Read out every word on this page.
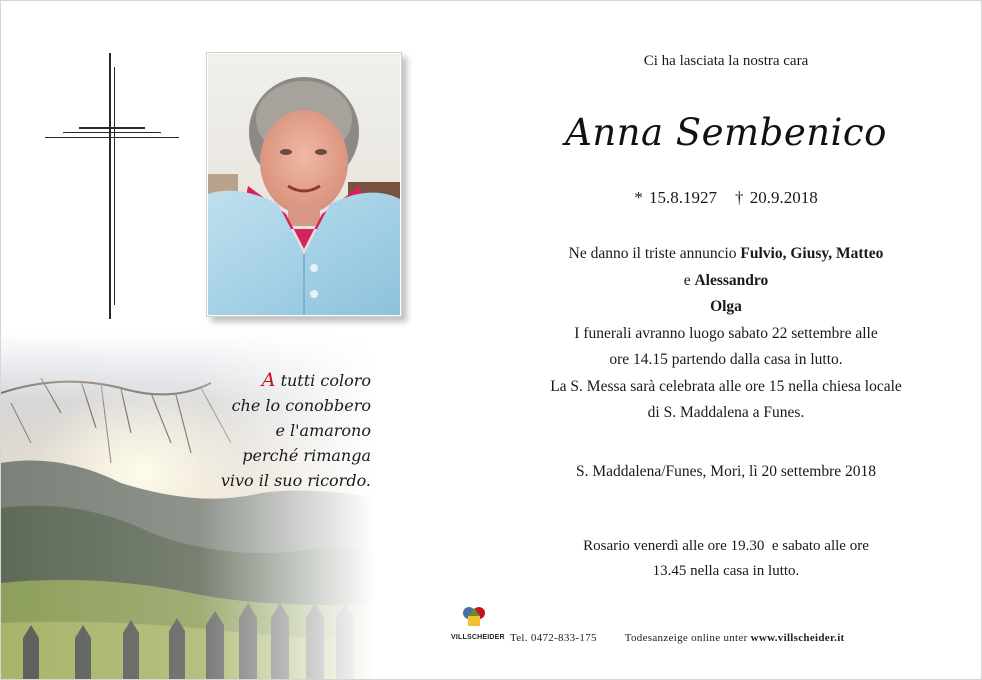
A tutti coloro
che lo conobbero
e l'amarono
perché rimanga
vivo il suo ricordo.
Ci ha lasciata la nostra cara
Anna Sembenico
* 15.8.1927 † 20.9.2018
Ne danno il triste annuncio Fulvio, Giusy, Matteo
e Alessandro
Olga
I funerali avranno luogo sabato 22 settembre alle
ore 14.15 partendo dalla casa in lutto.
La S. Messa sarà celebrata alle ore 15 nella chiesa locale
di S. Maddalena a Funes.
S. Maddalena/Funes, Mori, lì 20 settembre 2018
Rosario venerdì alle ore 19.30  e sabato alle ore
13.45 nella casa in lutto.
VILLSCHEIDER Tel. 0472-833-175	Todesanzeige online unter www.villscheider.it
